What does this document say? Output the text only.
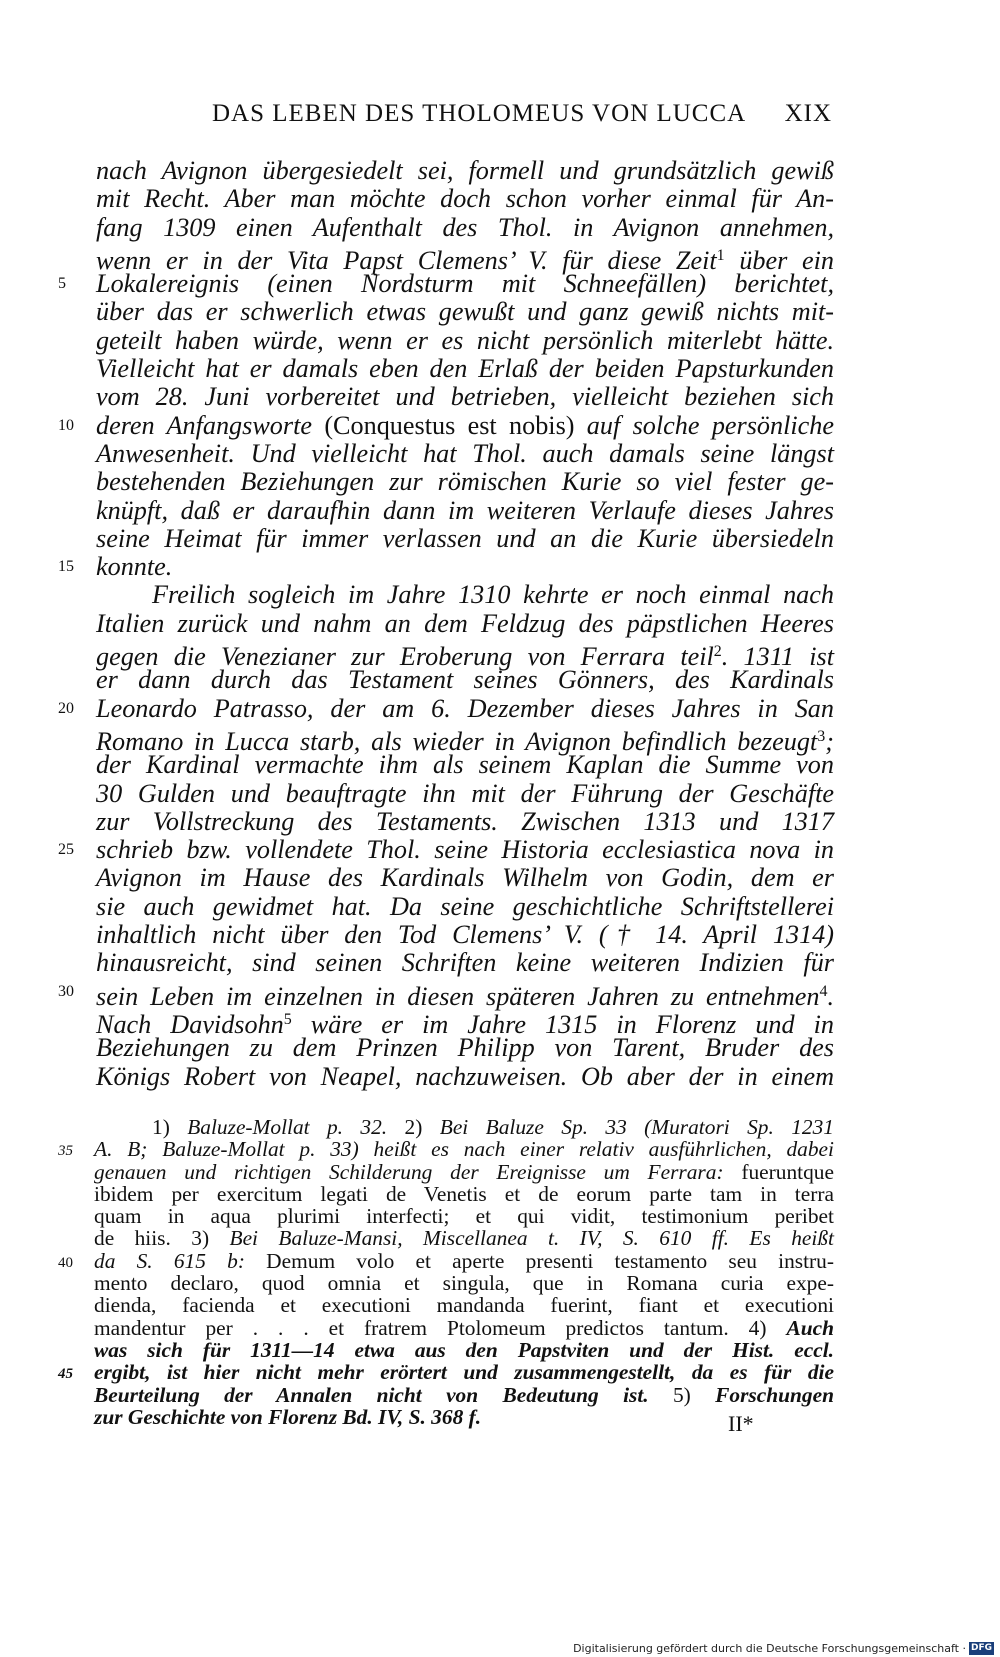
DAS LEBEN DES THOLOMEUS VON LUCCA XIX
nach Avignon übergesiedelt sei, formell und grundsätzlich gewiß
mit Recht. Aber man möchte doch schon vorher einmal für An-
fang 1309 einen Aufenthalt des Thol. in Avignon annehmen,
wenn er in der Vita Papst Clemens’ V. für diese Zeit$^1$ über ein
5	Lokalereignis (einen Nordsturm mit Schneefällen) berichtet,
über das er schwerlich etwas gewußt und ganz gewiß nichts mit-
geteilt haben würde, wenn er es nicht persönlich miterlebt hätte.
Vielleicht hat er damals eben den Erlaß der beiden Papsturkunden
vom 28. Juni vorbereitet und betrieben, vielleicht beziehen sich
10 deren Anfangsworte (Conquestus est nobis) auf solche persönliche
Anwesenheit. Und vielleicht hat Thol. auch damals seine längst
bestehenden Beziehungen zur römischen Kurie so viel fester ge-
knüpft, daß er daraufhin dann im weiteren Verlaufe dieses Jahres
seine Heimat für immer verlassen und an die Kurie übersiedeln
15 konnte.
Freilich sogleich im Jahre 1310 kehrte er noch einmal nach
Italien zurück und nahm an dem Feldzug des päpstlichen Heeres
gegen die Venezianer zur Eroberung von Ferrara teil$^2$. 1311 ist
er dann durch das Testament seines Gönners, des Kardinals
20 Leonardo Patrasso, der am 6. Dezember dieses Jahres in San
Romano in Lucca starb, als wieder in Avignon befindlich bezeugt$^3$;
der Kardinal vermachte ihm als seinem Kaplan die Summe von
30 Gulden und beauftragte ihn mit der Führung der Geschäfte
zur Vollstreckung des Testaments. Zwischen 1313 und 1317
25 schrieb bzw. vollendete Thol. seine Historia ecclesiastica nova in
Avignon im Hause des Kardinals Wilhelm von Godin, dem er
sie auch gewidmet hat. Da seine geschichtliche Schriftstellerei
inhaltlich nicht über den Tod Clemens’ V. († 14. April 1314)
hinausreicht, sind seinen Schriften keine weiteren Indizien für
30 sein Leben im einzelnen in diesen späteren Jahren zu entnehmen$^4$.
Nach Davidsohn$^5$ wäre er im Jahre 1315 in Florenz und in
Beziehungen zu dem Prinzen Philipp von Tarent, Bruder des
Königs Robert von Neapel, nachzuweisen. Ob aber der in einem
1) Baluze-Mollat p. 32. 2) Bei Baluze Sp. 33 (Muratori Sp. 1231
35 A. B; Baluze-Mollat p. 33) heißt es nach einer relativ ausführlichen, dabei
genauen und richtigen Schilderung der Ereignisse um Ferrara: fueruntque
ibidem per exercitum legati de Venetis et de eorum parte tam in terra
quam in aqua plurimi interfecti; et qui vidit, testimonium peribet
de hiis. 3) Bei Baluze-Mansi, Miscellanea t. IV, S. 610 ff. Es heißt
40 da S. 615 b: Demum volo et aperte presenti testamento seu instru-
mento declaro, quod omnia et singula, que in Romana curia expe-
dienda, facienda et executioni mandanda fuerint, fiant et executioni
mandentur per . . . et fratrem Ptolomeum predictos tantum. 4) Auch
was sich für 1311—14 etwa aus den Papstviten und der Hist. eccl.
45 ergibt, ist hier nicht mehr erörtert und zusammengestellt, da es für die
Beurteilung der Annalen nicht von Bedeutung ist. 5) Forschungen
zur Geschichte von Florenz Bd. IV, S. 368 f.	II*
Digitalisierung gefördert durch die Deutsche Forschungsgemeinschaft · DFG
